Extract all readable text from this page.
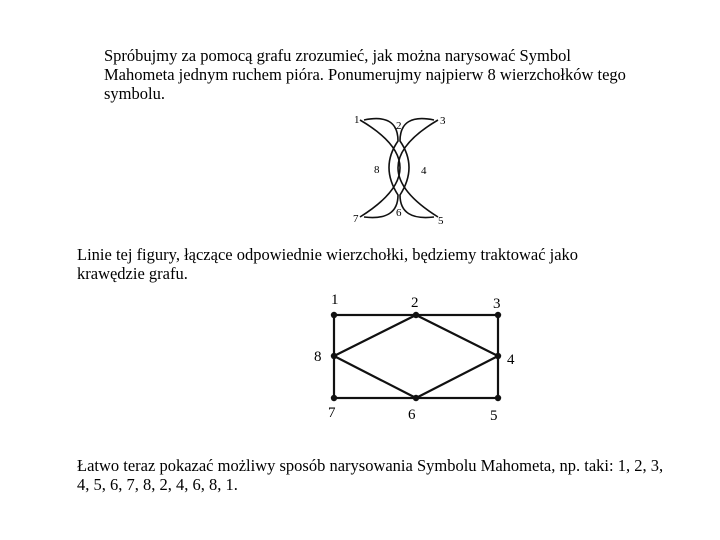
Spróbujmy za pomocą grafu zrozumieć, jak można narysować Symbol Mahometa jednym ruchem pióra. Ponumerujmy najpierw 8 wierzchołków tego symbolu.

1	2	3
4
5
6
7
8

Linie tej figury, łączące odpowiednie wierzchołki, będziemy traktować jako krawędzie grafu.

1	2	3
4
5
6
7
8

Łatwo teraz pokazać możliwy sposób narysowania Symbolu Mahometa, np. taki: 1, 2, 3, 4, 5, 6, 7, 8, 2, 4, 6, 8, 1.
